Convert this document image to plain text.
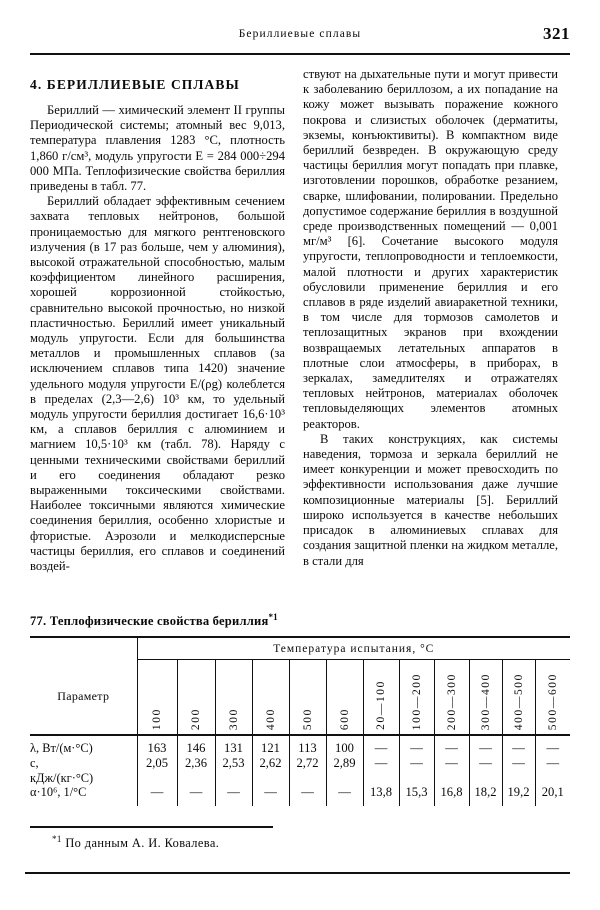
Бериллиевые сплавы	321
4. БЕРИЛЛИЕВЫЕ СПЛАВЫ

Бериллий — химический элемент II группы Периодической системы; атомный вес 9,013, температура плавления 1283 °C, плотность 1,860 г/см³, модуль упругости E = 284 000÷294 000 МПа. Теплофизические свойства бериллия приведены в табл. 77.

Бериллий обладает эффективным сечением захвата тепловых нейтронов, большой проницаемостью для мягкого рентгеновского излучения (в 17 раз больше, чем у алюминия), высокой отражательной способностью, малым коэффициентом линейного расширения, хорошей коррозионной стойкостью, сравнительно высокой прочностью, но низкой пластичностью. Бериллий имеет уникальный модуль упругости. Если для большинства металлов и промышленных сплавов (за исключением сплавов типа 1420) значение удельного модуля упругости E/(ρg) колеблется в пределах (2,3—2,6) 10³ км, то удельный модуль упругости бериллия достигает 16,6·10³ км, а сплавов бериллия с алюминием и магнием 10,5·10³ км (табл. 78). Наряду с ценными техническими свойствами бериллий и его соединения обладают резко выраженными токсическими свойствами. Наиболее токсичными являются химические соединения бериллия, особенно хлористые и фтористые. Аэрозоли и мелкодисперсные частицы бериллия, его сплавов и соединений воздей-

ствуют на дыхательные пути и могут привести к заболеванию бериллозом, а их попадание на кожу может вызывать поражение кожного покрова и слизистых оболочек (дерматиты, экземы, конъюктивиты). В компактном виде бериллий безвреден. В окружающую среду частицы бериллия могут попадать при плавке, изготовлении порошков, обработке резанием, сварке, шлифовании, полировании. Предельно допустимое содержание бериллия в воздушной среде производственных помещений — 0,001 мг/м³ [6]. Сочетание высокого модуля упругости, теплопроводности и теплоемкости, малой плотности и других характеристик обусловили применение бериллия и его сплавов в ряде изделий авиаракетной техники, в том числе для тормозов самолетов и теплозащитных экранов при вхождении возвращаемых летательных аппаратов в плотные слои атмосферы, в приборах, в зеркалах, замедлителях и отражателях тепловых нейтронов, материалах оболочек тепловыделяющих элементов атомных реакторов.

В таких конструкциях, как системы наведения, тормоза и зеркала бериллий не имеет конкуренции и может превосходить по эффективности использования даже лучшие композиционные материалы [5]. Бериллий широко используется в качестве небольших присадок в алюминиевых сплавах для создания защитной пленки на жидком металле, в стали для

77. Теплофизические свойства бериллия$^{*1}$
	Температура испытания, °C											
Параметр	100	200	300	400	500	600	20—100	100—200	200—300	300—400	400—500	500—600

λ, Вт/(м·°C)	163	146	131	121	113	100	—	—	—	—	—	—
c,
кДж/(кг·°C)	2,05	2,36	2,53	2,62	2,72	2,89	—	—	—	—	—	—
α·10⁶, 1/°C	—	—	—	—	—	—	13,8	15,3	16,8	18,2	19,2	20,1

$^{*1}$ По данным А. И. Ковалева.
